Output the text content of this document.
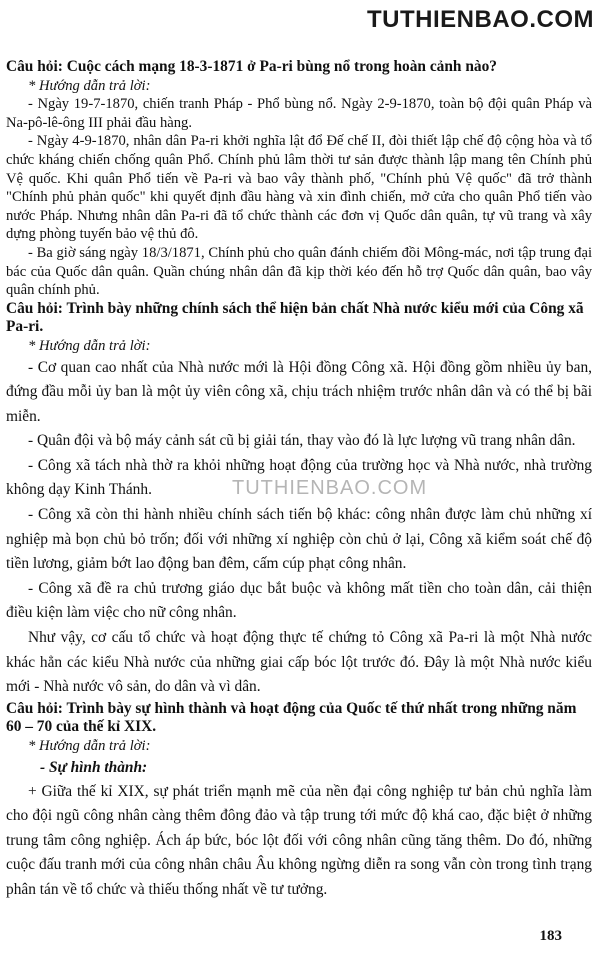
TUTHIENBAO.COM

Câu hỏi: Cuộc cách mạng 18-3-1871 ở Pa-ri bùng nổ trong hoàn cảnh nào?

* Hướng dẫn trả lời:

- Ngày 19-7-1870, chiến tranh Pháp - Phổ bùng nổ. Ngày 2-9-1870, toàn bộ đội quân Pháp và Na-pô-lê-ông III phải đầu hàng.

- Ngày 4-9-1870, nhân dân Pa-ri khởi nghĩa lật đổ Đế chế II, đòi thiết lập chế độ cộng hòa và tổ chức kháng chiến chống quân Phổ. Chính phủ lâm thời tư sản được thành lập mang tên Chính phủ Vệ quốc. Khi quân Phổ tiến về Pa-ri và bao vây thành phố, "Chính phủ Vệ quốc" đã trở thành "Chính phủ phản quốc" khi quyết định đầu hàng và xin đình chiến, mở cửa cho quân Phổ tiến vào nước Pháp. Nhưng nhân dân Pa-ri đã tổ chức thành các đơn vị Quốc dân quân, tự vũ trang và xây dựng phòng tuyến bảo vệ thủ đô.

- Ba giờ sáng ngày 18/3/1871, Chính phủ cho quân đánh chiếm đồi Mông-mác, nơi tập trung đại bác của Quốc dân quân. Quần chúng nhân dân đã kịp thời kéo đến hỗ trợ Quốc dân quân, bao vây quân chính phủ.

Câu hỏi: Trình bày những chính sách thể hiện bản chất Nhà nước kiểu mới của Công xã Pa-ri.

* Hướng dẫn trả lời:

- Cơ quan cao nhất của Nhà nước mới là Hội đồng Công xã. Hội đồng gồm nhiều ủy ban, đứng đầu mỗi ủy ban là một ủy viên công xã, chịu trách nhiệm trước nhân dân và có thể bị bãi miễn.

- Quân đội và bộ máy cảnh sát cũ bị giải tán, thay vào đó là lực lượng vũ trang nhân dân.

- Công xã tách nhà thờ ra khỏi những hoạt động của trường học và Nhà nước, nhà trường không dạy Kinh Thánh.

- Công xã còn thi hành nhiều chính sách tiến bộ khác: công nhân được làm chủ những xí nghiệp mà bọn chủ bỏ trốn; đối với những xí nghiệp còn chủ ở lại, Công xã kiểm soát chế độ tiền lương, giảm bớt lao động ban đêm, cấm cúp phạt công nhân.

- Công xã đề ra chủ trương giáo dục bắt buộc và không mất tiền cho toàn dân, cải thiện điều kiện làm việc cho nữ công nhân.

Như vậy, cơ cấu tổ chức và hoạt động thực tế chứng tỏ Công xã Pa-ri là một Nhà nước khác hẳn các kiểu Nhà nước của những giai cấp bóc lột trước đó. Đây là một Nhà nước kiểu mới - Nhà nước vô sản, do dân và vì dân.

Câu hỏi: Trình bày sự hình thành và hoạt động của Quốc tế thứ nhất trong những năm 60 – 70 của thế kỉ XIX.

* Hướng dẫn trả lời:

- Sự hình thành:

+ Giữa thế kỉ XIX, sự phát triển mạnh mẽ của nền đại công nghiệp tư bản chủ nghĩa làm cho đội ngũ công nhân càng thêm đông đảo và tập trung tới mức độ khá cao, đặc biệt ở những trung tâm công nghiệp. Ách áp bức, bóc lột đối với công nhân cũng tăng thêm. Do đó, những cuộc đấu tranh mới của công nhân châu Âu không ngừng diễn ra song vẫn còn trong tình trạng phân tán về tổ chức và thiếu thống nhất về tư tưởng.

TUTHIENBAO.COM
183
